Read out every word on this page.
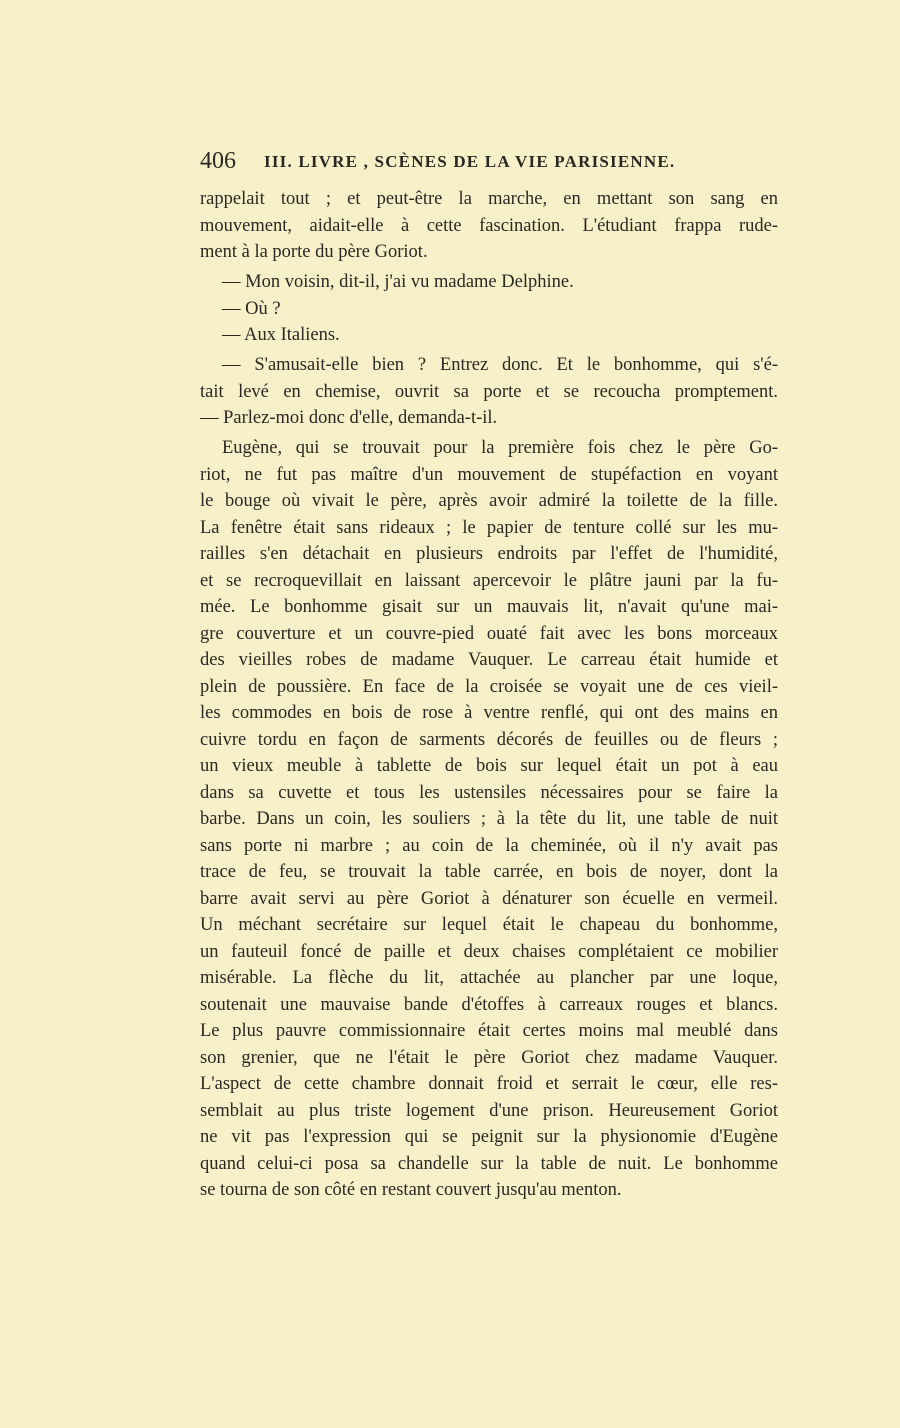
406 III. LIVRE , SCÈNES DE LA VIE PARISIENNE.
rappelait tout ; et peut-être la marche, en mettant son sang en
mouvement, aidait-elle à cette fascination. L'étudiant frappa rude-
ment à la porte du père Goriot.
— Mon voisin, dit-il, j'ai vu madame Delphine.
— Où ?
— Aux Italiens.
— S'amusait-elle bien ? Entrez donc. Et le bonhomme, qui s'é-
tait levé en chemise, ouvrit sa porte et se recoucha promptement.
— Parlez-moi donc d'elle, demanda-t-il.
Eugène, qui se trouvait pour la première fois chez le père Go-
riot, ne fut pas maître d'un mouvement de stupéfaction en voyant
le bouge où vivait le père, après avoir admiré la toilette de la fille.
La fenêtre était sans rideaux ; le papier de tenture collé sur les mu-
railles s'en détachait en plusieurs endroits par l'effet de l'humidité,
et se recroquevillait en laissant apercevoir le plâtre jauni par la fu-
mée. Le bonhomme gisait sur un mauvais lit, n'avait qu'une mai-
gre couverture et un couvre-pied ouaté fait avec les bons morceaux
des vieilles robes de madame Vauquer. Le carreau était humide et
plein de poussière. En face de la croisée se voyait une de ces vieil-
les commodes en bois de rose à ventre renflé, qui ont des mains en
cuivre tordu en façon de sarments décorés de feuilles ou de fleurs ;
un vieux meuble à tablette de bois sur lequel était un pot à eau
dans sa cuvette et tous les ustensiles nécessaires pour se faire la
barbe. Dans un coin, les souliers ; à la tête du lit, une table de nuit
sans porte ni marbre ; au coin de la cheminée, où il n'y avait pas
trace de feu, se trouvait la table carrée, en bois de noyer, dont la
barre avait servi au père Goriot à dénaturer son écuelle en vermeil.
Un méchant secrétaire sur lequel était le chapeau du bonhomme,
un fauteuil foncé de paille et deux chaises complétaient ce mobilier
misérable. La flèche du lit, attachée au plancher par une loque,
soutenait une mauvaise bande d'étoffes à carreaux rouges et blancs.
Le plus pauvre commissionnaire était certes moins mal meublé dans
son grenier, que ne l'était le père Goriot chez madame Vauquer.
L'aspect de cette chambre donnait froid et serrait le cœur, elle res-
semblait au plus triste logement d'une prison. Heureusement Goriot
ne vit pas l'expression qui se peignit sur la physionomie d'Eugène
quand celui-ci posa sa chandelle sur la table de nuit. Le bonhomme
se tourna de son côté en restant couvert jusqu'au menton.
